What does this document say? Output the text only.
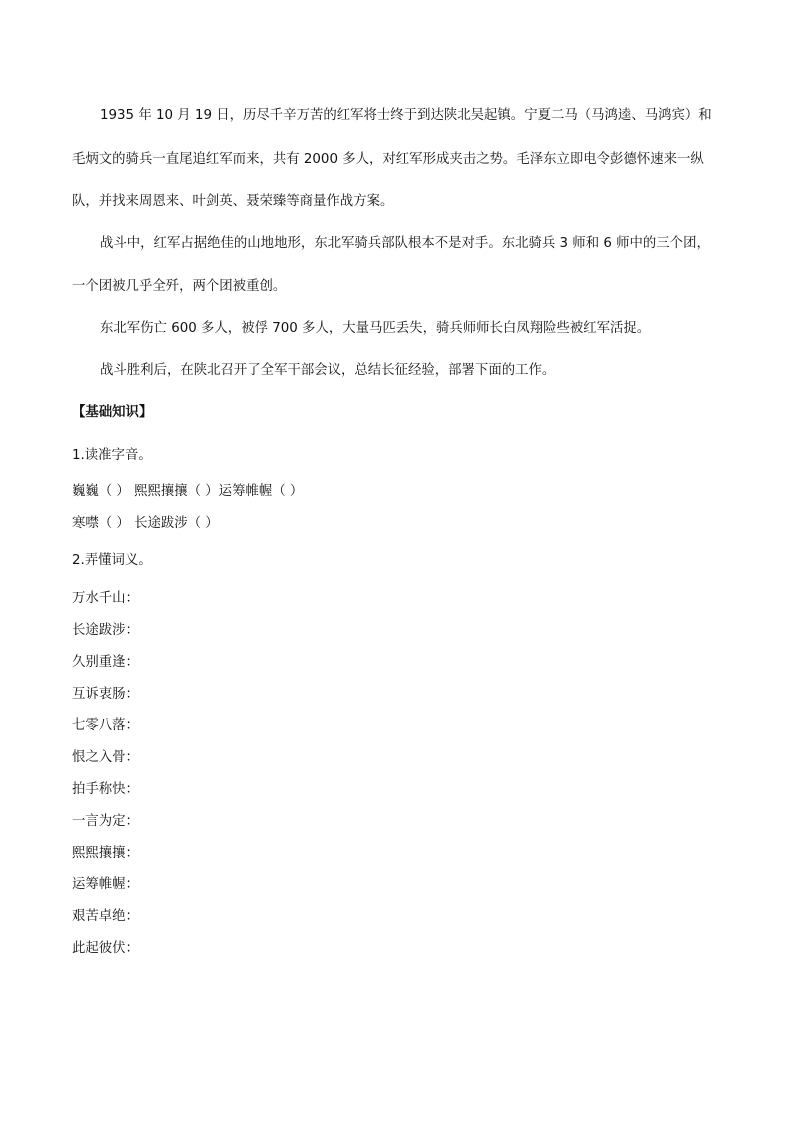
1935 年 10 月 19 日，历尽千辛万苦的红军将士终于到达陕北吴起镇。宁夏二马（马鸿逵、马鸿宾）和

毛炳文的骑兵一直尾追红军而来，共有 2000 多人，对红军形成夹击之势。毛泽东立即电令彭德怀速来一纵

队，并找来周恩来、叶剑英、聂荣臻等商量作战方案。

战斗中，红军占据绝佳的山地地形，东北军骑兵部队根本不是对手。东北骑兵 3 师和 6 师中的三个团，

一个团被几乎全歼，两个团被重创。

东北军伤亡 600 多人，被俘 700 多人，大量马匹丢失，骑兵师师长白凤翔险些被红军活捉。

战斗胜利后，在陕北召开了全军干部会议，总结长征经验，部署下面的工作。

【基础知识】

1.读准字音。

巍巍（ ） 熙熙攘攘（ ）运筹帷幄（ ）

寒噤（ ） 长途跋涉（ ）

2.弄懂词义。

万水千山：

长途跋涉：

久别重逢：

互诉衷肠：

七零八落：

恨之入骨：

拍手称快：

一言为定：

熙熙攘攘：

运筹帷幄：

艰苦卓绝：

此起彼伏：
